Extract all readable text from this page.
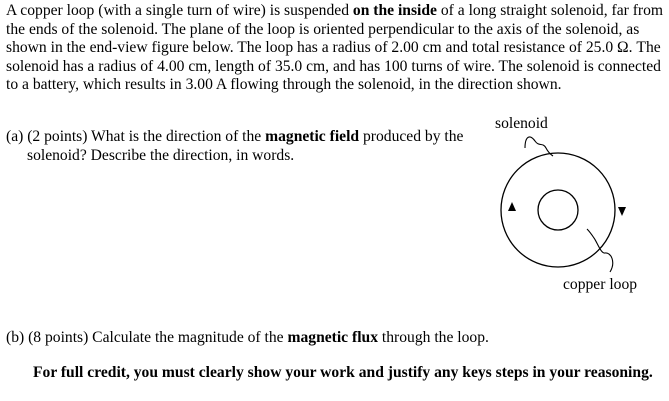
A copper loop (with a single turn of wire) is suspended on the inside of a long straight solenoid, far from the ends of the solenoid. The plane of the loop is oriented perpendicular to the axis of the solenoid, as shown in the end-view figure below. The loop has a radius of 2.00 cm and total resistance of 25.0 Ω. The solenoid has a radius of 4.00 cm, length of 35.0 cm, and has 100 turns of wire. The solenoid is connected to a battery, which results in 3.00 A flowing through the solenoid, in the direction shown.

(a) (2 points) What is the direction of the magnetic field produced by the solenoid? Describe the direction, in words.

solenoid
copper loop

(b) (8 points) Calculate the magnitude of the magnetic flux through the loop.

For full credit, you must clearly show your work and justify any keys steps in your reasoning.
